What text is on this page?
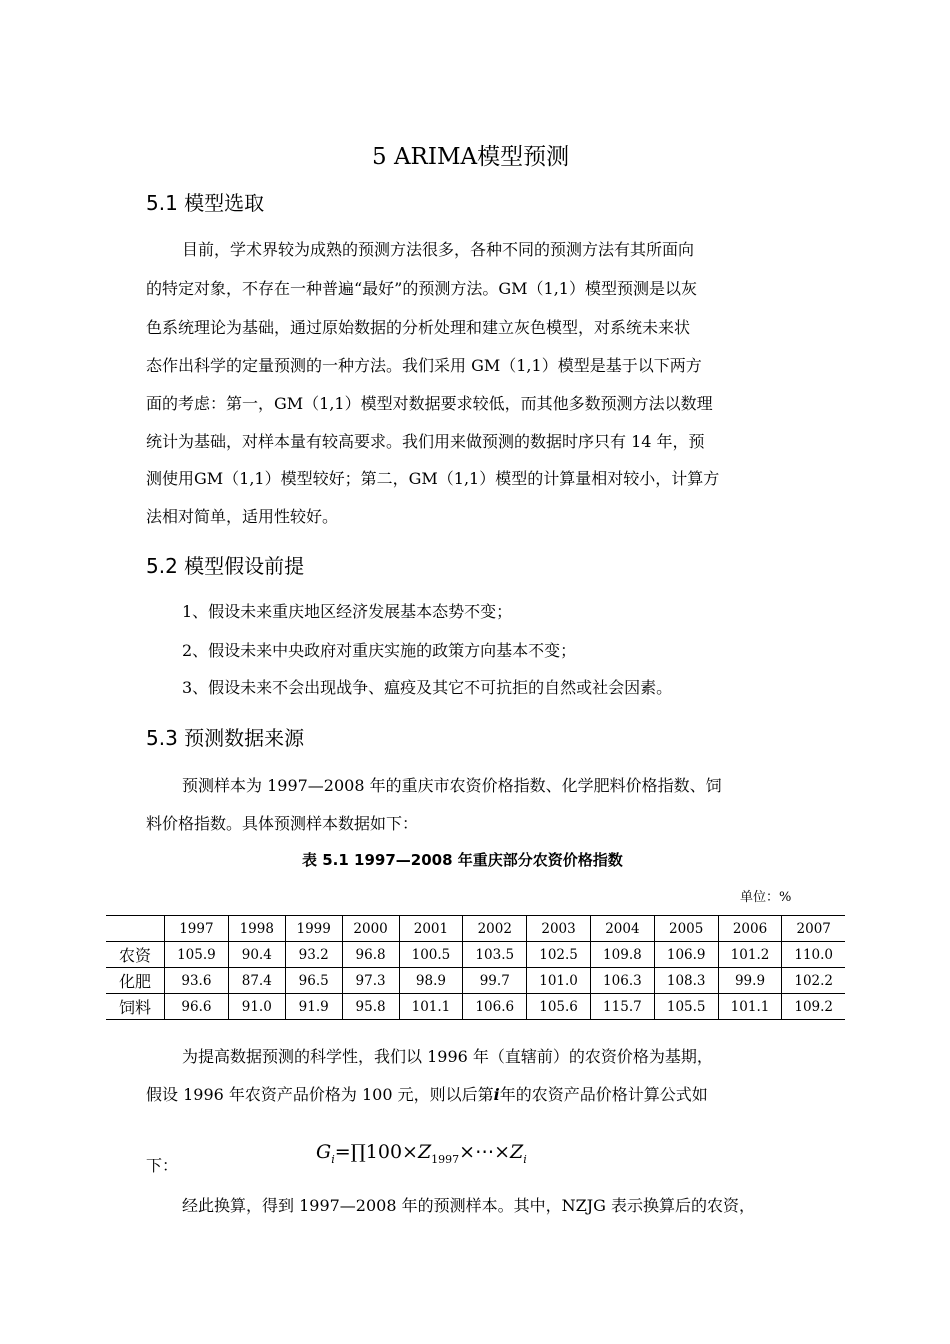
5 ARIMA模型预测
5.1 模型选取
目前，学术界较为成熟的预测方法很多，各种不同的预测方法有其所面向
的特定对象，不存在一种普遍“最好”的预测方法。GM（1,1）模型预测是以灰
色系统理论为基础，通过原始数据的分析处理和建立灰色模型，对系统未来状
态作出科学的定量预测的一种方法。我们采用 GM（1,1）模型是基于以下两方
面的考虑：第一，GM（1,1）模型对数据要求较低，而其他多数预测方法以数理
统计为基础，对样本量有较高要求。我们用来做预测的数据时序只有 14 年，预
测使用GM（1,1）模型较好；第二，GM（1,1）模型的计算量相对较小，计算方
法相对简单，适用性较好。
5.2 模型假设前提
1、假设未来重庆地区经济发展基本态势不变；
2、假设未来中央政府对重庆实施的政策方向基本不变；
3、假设未来不会出现战争、瘟疫及其它不可抗拒的自然或社会因素。
5.3 预测数据来源
预测样本为 1997—2008 年的重庆市农资价格指数、化学肥料价格指数、饲
料价格指数。具体预测样本数据如下：
表 5.1 1997—2008 年重庆部分农资价格指数
单位：%
	1997	1998	1999	2000	2001	2002	2003	2004	2005	2006	2007
农资	105.9	90.4	93.2	96.8	100.5	103.5	102.5	109.8	106.9	101.2	110.0
化肥	93.6	87.4	96.5	97.3	98.9	99.7	101.0	106.3	108.3	99.9	102.2
饲料	96.6	91.0	91.9	95.8	101.1	106.6	105.6	115.7	105.5	101.1	109.2
为提高数据预测的科学性，我们以 1996 年（直辖前）的农资价格为基期，
假设 1996 年农资产品价格为 100 元，则以后第i年的农资产品价格计算公式如
$G_i=\prod 100\times Z_{1997}\times\cdots\times Z_i$
下：
经此换算，得到 1997—2008 年的预测样本。其中，NZJG 表示换算后的农资，
